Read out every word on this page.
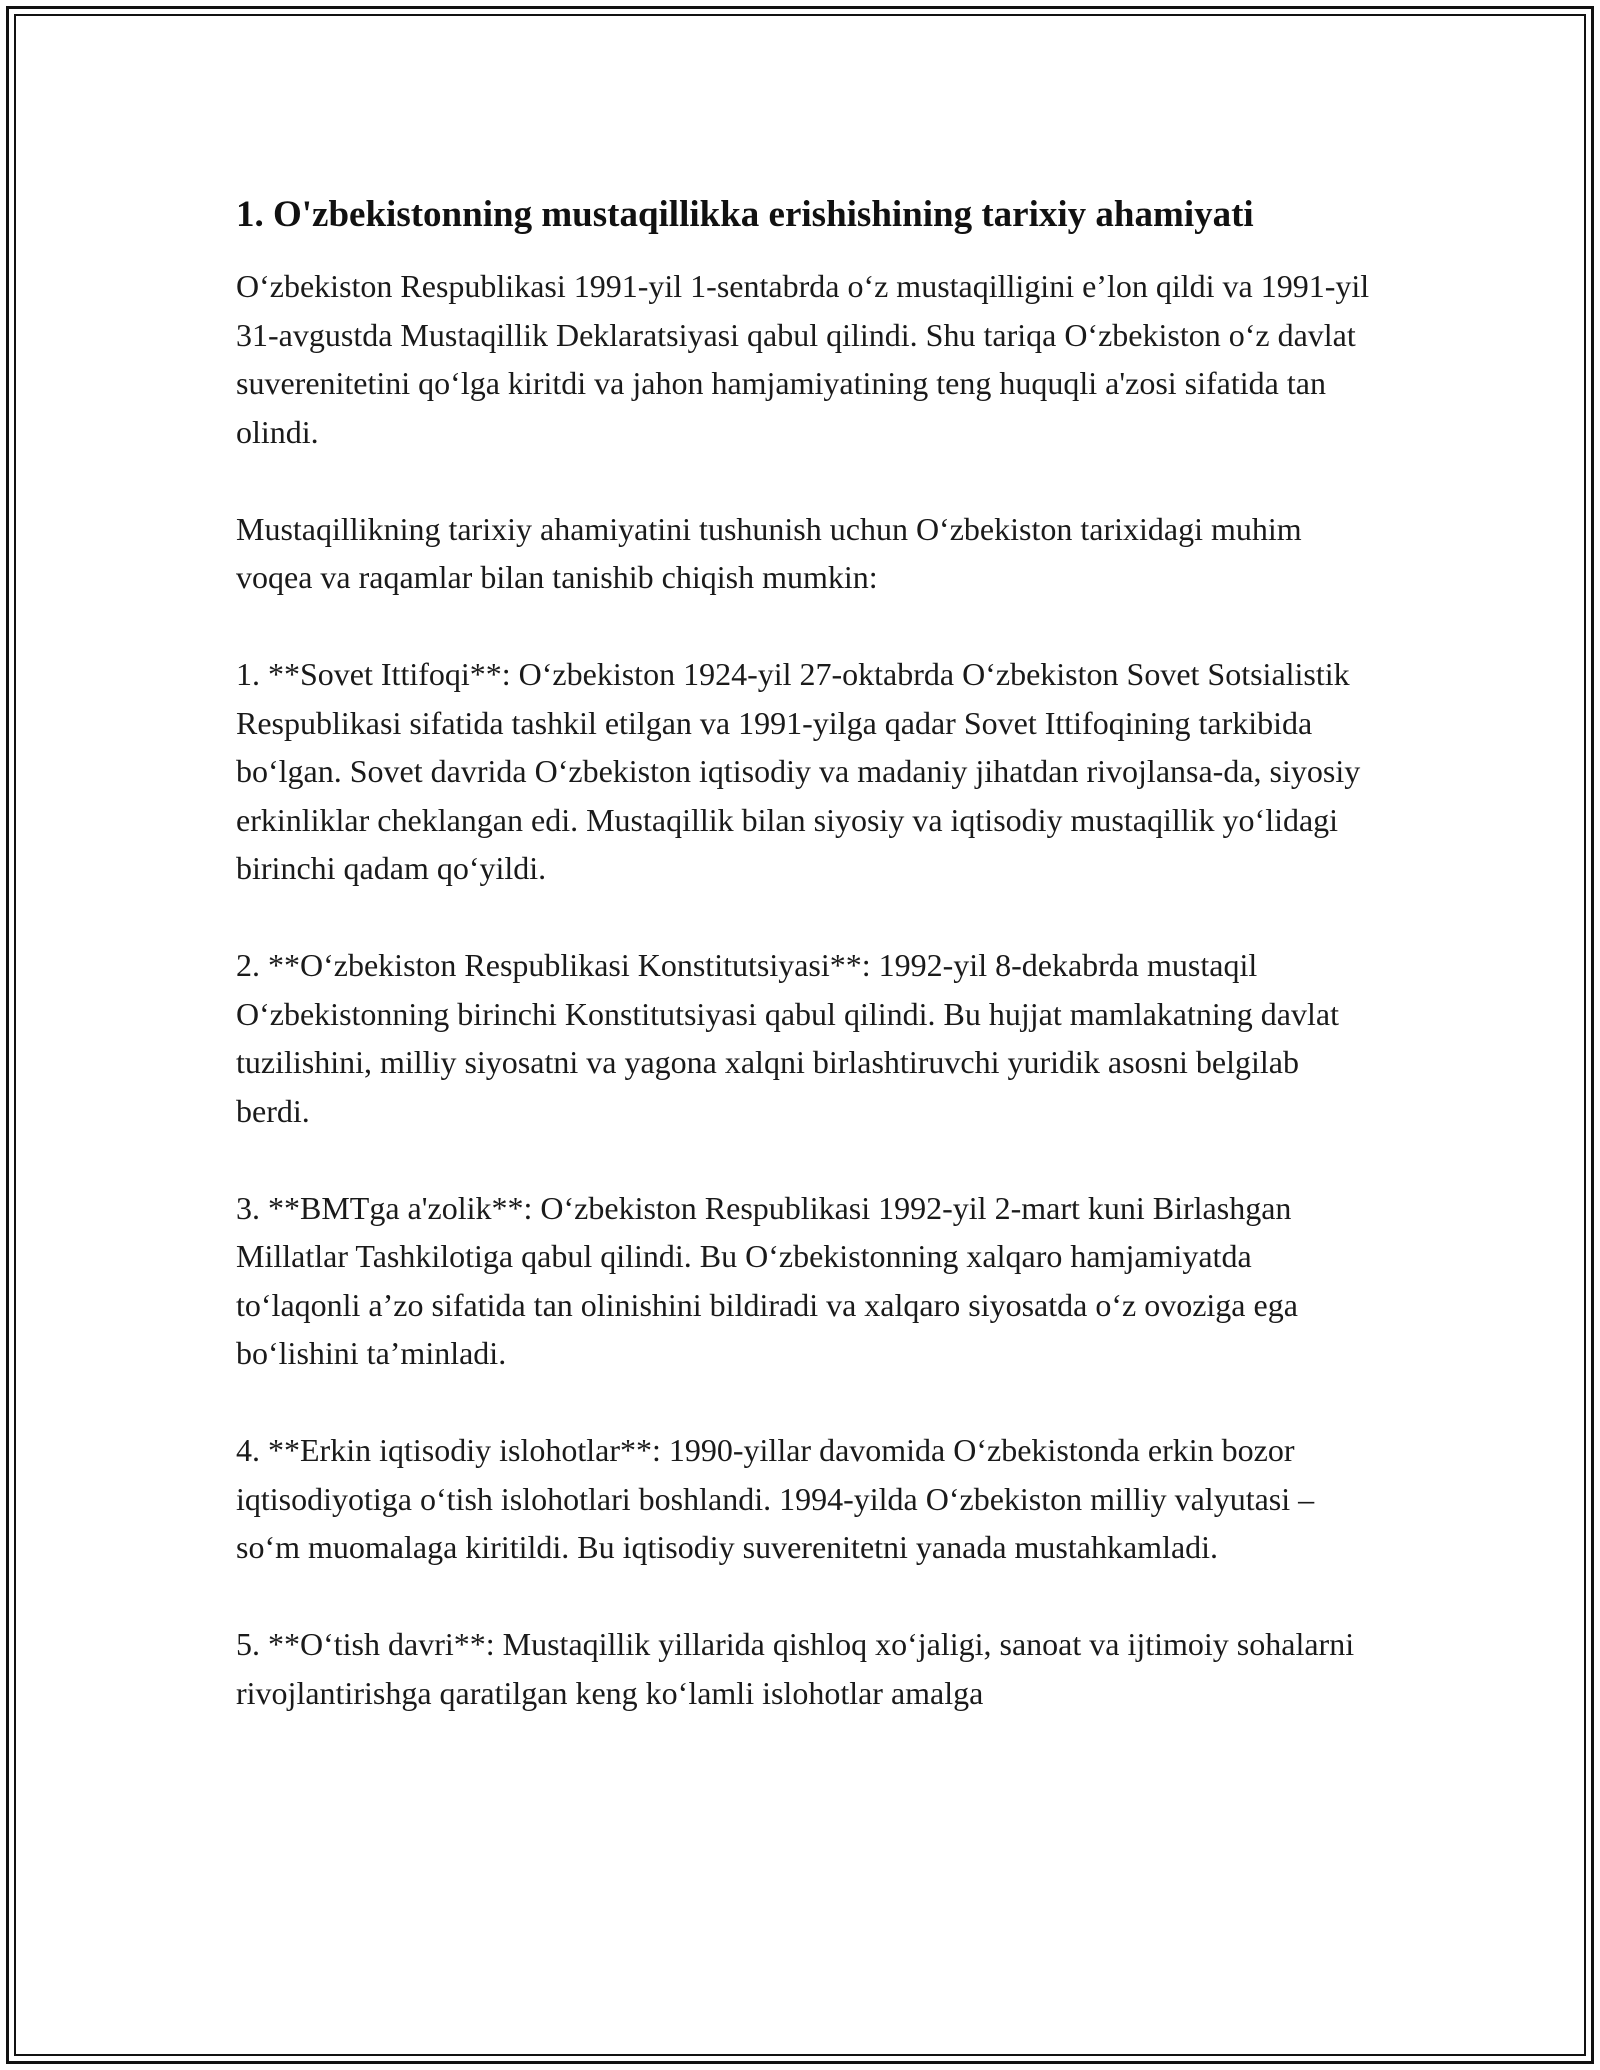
1. O'zbekistonning mustaqillikka erishishining tarixiy ahamiyati

O‘zbekiston Respublikasi 1991-yil 1-sentabrda o‘z mustaqilligini e’lon qildi va 1991-yil 31-avgustda Mustaqillik Deklaratsiyasi qabul qilindi. Shu tariqa O‘zbekiston o‘z davlat suverenitetini qo‘lga kiritdi va jahon hamjamiyatining teng huquqli a'zosi sifatida tan olindi.

Mustaqillikning tarixiy ahamiyatini tushunish uchun O‘zbekiston tarixidagi muhim voqea va raqamlar bilan tanishib chiqish mumkin:

1. **Sovet Ittifoqi**: O‘zbekiston 1924-yil 27-oktabrda O‘zbekiston Sovet Sotsialistik Respublikasi sifatida tashkil etilgan va 1991-yilga qadar Sovet Ittifoqining tarkibida bo‘lgan. Sovet davrida O‘zbekiston iqtisodiy va madaniy jihatdan rivojlansa-da, siyosiy erkinliklar cheklangan edi. Mustaqillik bilan siyosiy va iqtisodiy mustaqillik yo‘lidagi birinchi qadam qo‘yildi.

2. **O‘zbekiston Respublikasi Konstitutsiyasi**: 1992-yil 8-dekabrda mustaqil O‘zbekistonning birinchi Konstitutsiyasi qabul qilindi. Bu hujjat mamlakatning davlat tuzilishini, milliy siyosatni va yagona xalqni birlashtiruvchi yuridik asosni belgilab berdi.

3. **BMTga a'zolik**: O‘zbekiston Respublikasi 1992-yil 2-mart kuni Birlashgan Millatlar Tashkilotiga qabul qilindi. Bu O‘zbekistonning xalqaro hamjamiyatda to‘laqonli a’zo sifatida tan olinishini bildiradi va xalqaro siyosatda o‘z ovoziga ega bo‘lishini ta’minladi.

4. **Erkin iqtisodiy islohotlar**: 1990-yillar davomida O‘zbekistonda erkin bozor iqtisodiyotiga o‘tish islohotlari boshlandi. 1994-yilda O‘zbekiston milliy valyutasi – so‘m muomalaga kiritildi. Bu iqtisodiy suverenitetni yanada mustahkamladi.

5. **O‘tish davri**: Mustaqillik yillarida qishloq xo‘jaligi, sanoat va ijtimoiy sohalarni rivojlantirishga qaratilgan keng ko‘lamli islohotlar amalga
